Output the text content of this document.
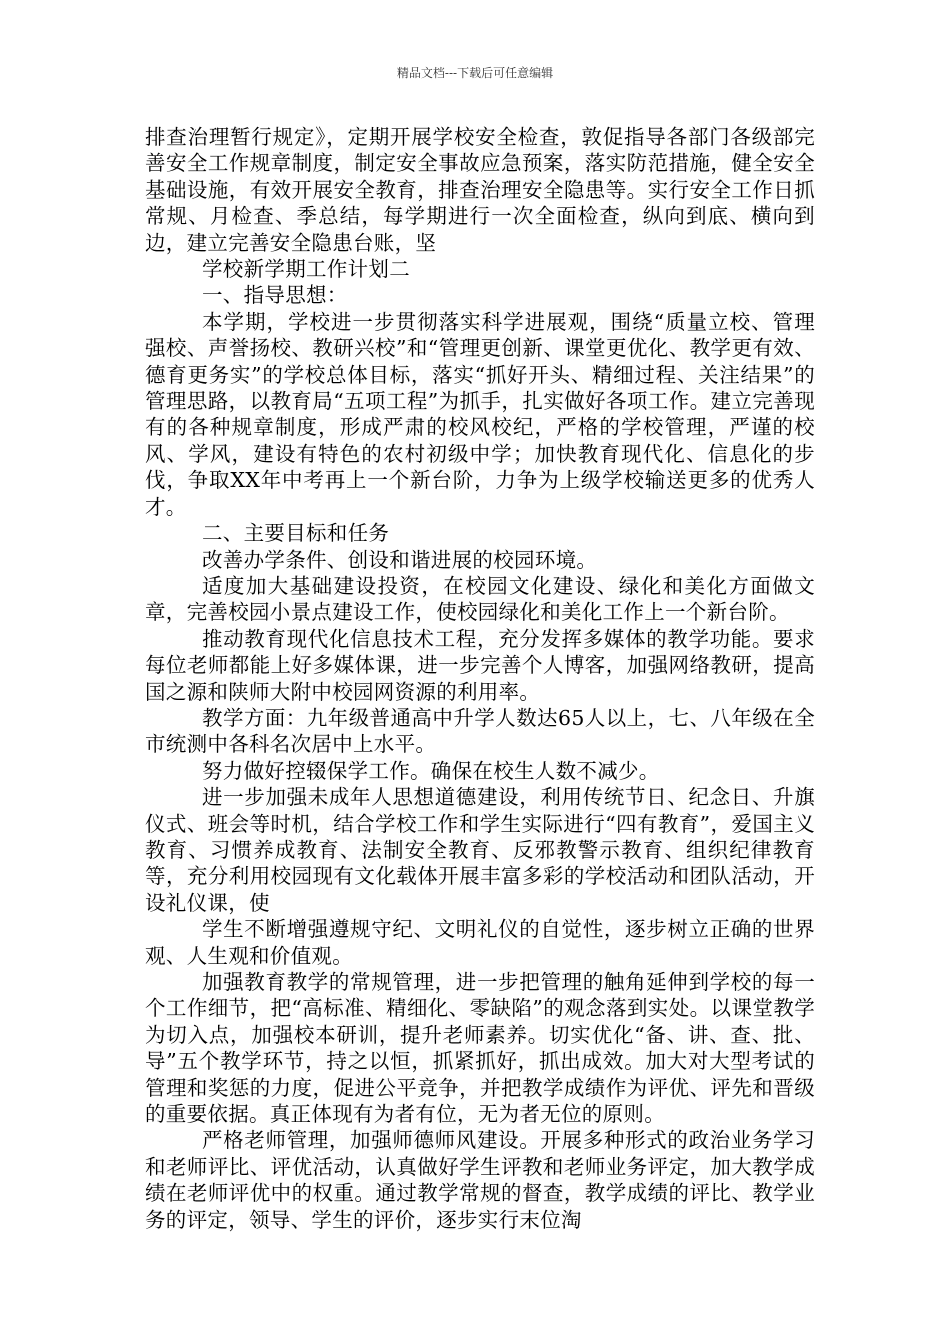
精品文档---下载后可任意编辑

排查治理暂行规定》，定期开展学校安全检查，敦促指导各部门各级部完善安全工作规章制度，制定安全事故应急预案，落实防范措施，健全安全基础设施，有效开展安全教育，排查治理安全隐患等。实行安全工作日抓常规、月检查、季总结，每学期进行一次全面检查，纵向到底、横向到边，建立完善安全隐患台账，坚

学校新学期工作计划二

一、指导思想：

本学期，学校进一步贯彻落实科学进展观，围绕“质量立校、管理强校、声誉扬校、教研兴校”和“管理更创新、课堂更优化、教学更有效、德育更务实”的学校总体目标，落实“抓好开头、精细过程、关注结果”的管理思路，以教育局“五项工程”为抓手，扎实做好各项工作。建立完善现有的各种规章制度，形成严肃的校风校纪，严格的学校管理，严谨的校风、学风，建设有特色的农村初级中学；加快教育现代化、信息化的步伐，争取XX年中考再上一个新台阶，力争为上级学校输送更多的优秀人才。

二、主要目标和任务

改善办学条件、创设和谐进展的校园环境。

适度加大基础建设投资，在校园文化建设、绿化和美化方面做文章，完善校园小景点建设工作，使校园绿化和美化工作上一个新台阶。

推动教育现代化信息技术工程，充分发挥多媒体的教学功能。要求每位老师都能上好多媒体课，进一步完善个人博客，加强网络教研，提高国之源和陕师大附中校园网资源的利用率。

教学方面：九年级普通高中升学人数达65人以上，七、八年级在全市统测中各科名次居中上水平。

努力做好控辍保学工作。确保在校生人数不减少。

进一步加强未成年人思想道德建设，利用传统节日、纪念日、升旗仪式、班会等时机，结合学校工作和学生实际进行“四有教育”，爱国主义教育、习惯养成教育、法制安全教育、反邪教警示教育、组织纪律教育等，充分利用校园现有文化载体开展丰富多彩的学校活动和团队活动，开设礼仪课，使

学生不断增强遵规守纪、文明礼仪的自觉性，逐步树立正确的世界观、人生观和价值观。

加强教育教学的常规管理，进一步把管理的触角延伸到学校的每一个工作细节，把“高标准、精细化、零缺陷”的观念落到实处。以课堂教学为切入点，加强校本研训，提升老师素养。切实优化“备、讲、查、批、导”五个教学环节，持之以恒，抓紧抓好，抓出成效。加大对大型考试的管理和奖惩的力度，促进公平竞争，并把教学成绩作为评优、评先和晋级的重要依据。真正体现有为者有位，无为者无位的原则。

严格老师管理，加强师德师风建设。开展多种形式的政治业务学习和老师评比、评优活动，认真做好学生评教和老师业务评定，加大教学成绩在老师评优中的权重。通过教学常规的督查，教学成绩的评比、教学业务的评定，领导、学生的评价，逐步实行末位淘
